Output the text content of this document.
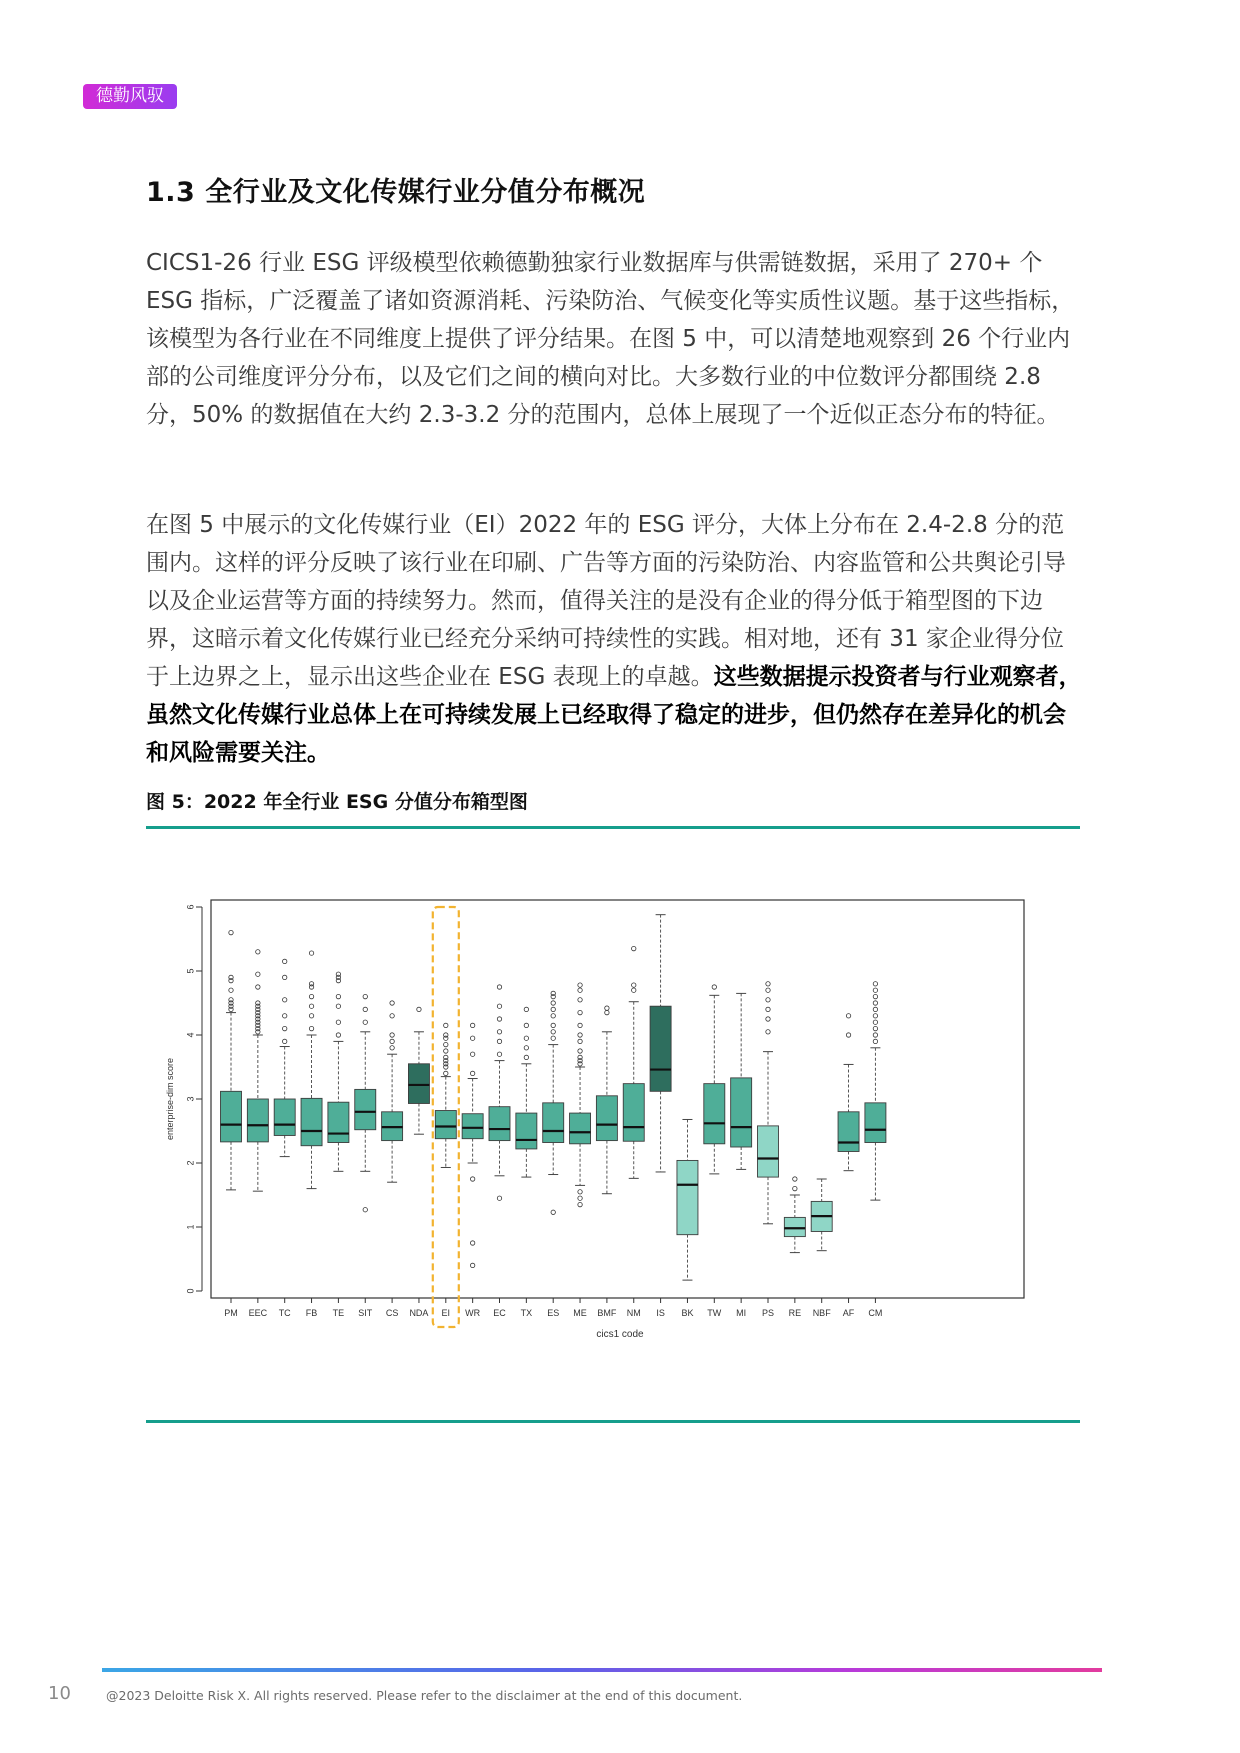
德勤风驭
1.3 全行业及文化传媒行业分值分布概况

CICS1-26 行业 ESG 评级模型依赖德勤独家行业数据库与供需链数据，采用了 270+ 个 ESG 指标，广泛覆盖了诸如资源消耗、污染防治、气候变化等实质性议题。基于这些指标，该模型为各行业在不同维度上提供了评分结果。在图 5 中，可以清楚地观察到 26 个行业内部的公司维度评分分布，以及它们之间的横向对比。大多数行业的中位数评分都围绕 2.8 分，50% 的数据值在大约 2.3-3.2 分的范围内，总体上展现了一个近似正态分布的特征。

在图 5 中展示的文化传媒行业（EI）2022 年的 ESG 评分，大体上分布在 2.4-2.8 分的范围内。这样的评分反映了该行业在印刷、广告等方面的污染防治、内容监管和公共舆论引导以及企业运营等方面的持续努力。然而，值得关注的是没有企业的得分低于箱型图的下边界，这暗示着文化传媒行业已经充分采纳可持续性的实践。相对地，还有 31 家企业得分位于上边界之上，显示出这些企业在 ESG 表现上的卓越。这些数据提示投资者与行业观察者，虽然文化传媒行业总体上在可持续发展上已经取得了稳定的进步，但仍然存在差异化的机会和风险需要关注。

图 5：2022 年全行业 ESG 分值分布箱型图
0
1
2
3
4
5
6
enterprise-dim score
PM EEC TC FB TE SIT CS NDA EI WR EC TX ES ME BMF NM IS BK TW MI PS RE NBF AF CM
cics1 code
10	@2023 Deloitte Risk X. All rights reserved. Please refer to the disclaimer at the end of this document.
